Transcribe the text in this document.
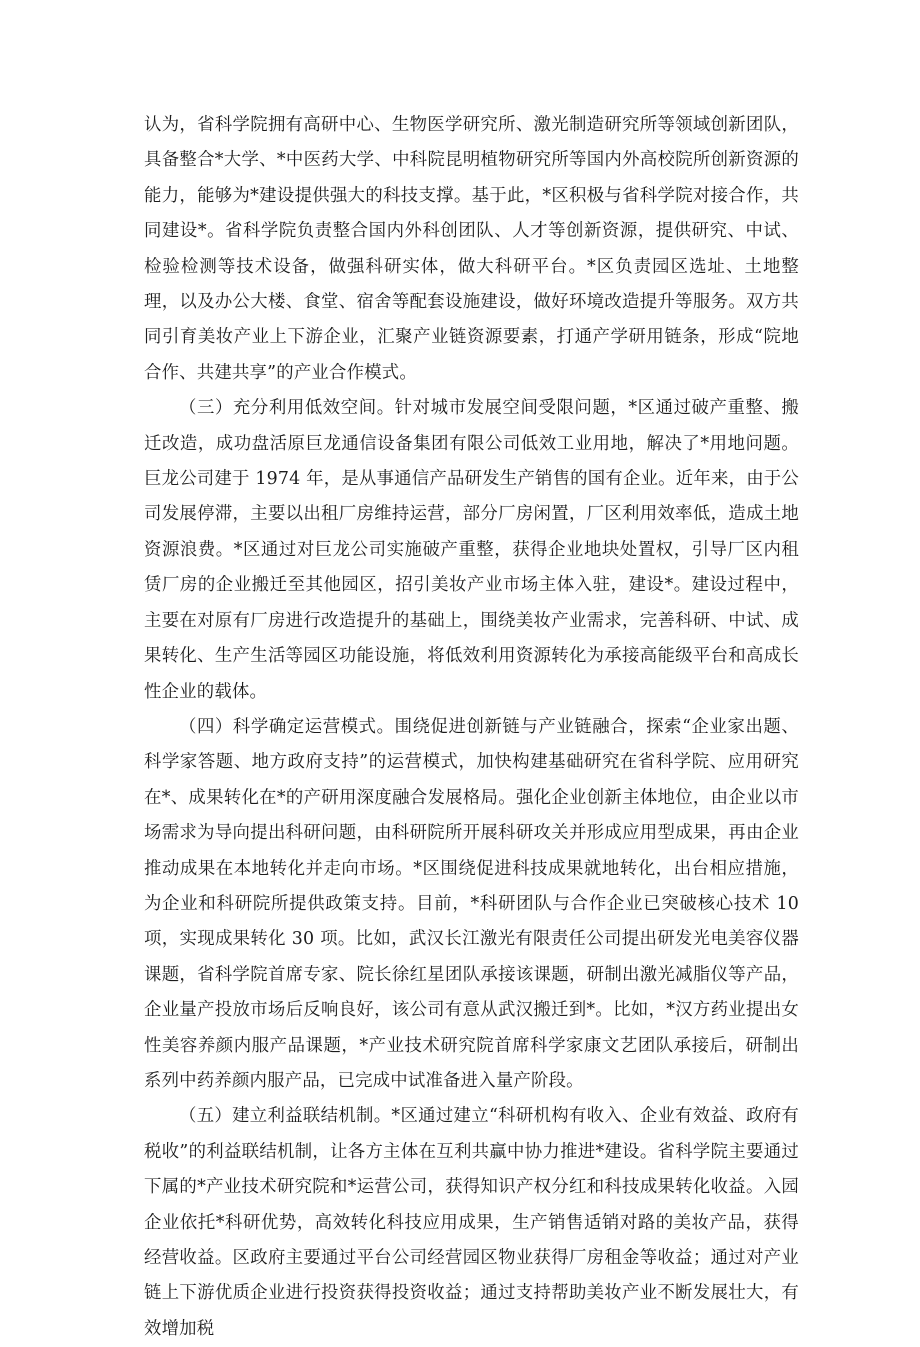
认为，省科学院拥有高研中心、生物医学研究所、激光制造研究所等领域创新团队，具备整合*大学、*中医药大学、中科院昆明植物研究所等国内外高校院所创新资源的能力，能够为*建设提供强大的科技支撑。基于此，*区积极与省科学院对接合作，共同建设*。省科学院负责整合国内外科创团队、人才等创新资源，提供研究、中试、检验检测等技术设备，做强科研实体，做大科研平台。*区负责园区选址、土地整理，以及办公大楼、食堂、宿舍等配套设施建设，做好环境改造提升等服务。双方共同引育美妆产业上下游企业，汇聚产业链资源要素，打通产学研用链条，形成“院地合作、共建共享”的产业合作模式。

（三）充分利用低效空间。针对城市发展空间受限问题，*区通过破产重整、搬迁改造，成功盘活原巨龙通信设备集团有限公司低效工业用地，解决了*用地问题。巨龙公司建于 1974 年，是从事通信产品研发生产销售的国有企业。近年来，由于公司发展停滞，主要以出租厂房维持运营，部分厂房闲置，厂区利用效率低，造成土地资源浪费。*区通过对巨龙公司实施破产重整，获得企业地块处置权，引导厂区内租赁厂房的企业搬迁至其他园区，招引美妆产业市场主体入驻，建设*。建设过程中，主要在对原有厂房进行改造提升的基础上，围绕美妆产业需求，完善科研、中试、成果转化、生产生活等园区功能设施，将低效利用资源转化为承接高能级平台和高成长性企业的载体。

（四）科学确定运营模式。围绕促进创新链与产业链融合，探索“企业家出题、科学家答题、地方政府支持”的运营模式，加快构建基础研究在省科学院、应用研究在*、成果转化在*的产研用深度融合发展格局。强化企业创新主体地位，由企业以市场需求为导向提出科研问题，由科研院所开展科研攻关并形成应用型成果，再由企业推动成果在本地转化并走向市场。*区围绕促进科技成果就地转化，出台相应措施，为企业和科研院所提供政策支持。目前，*科研团队与合作企业已突破核心技术 10 项，实现成果转化 30 项。比如，武汉长江激光有限责任公司提出研发光电美容仪器课题，省科学院首席专家、院长徐红星团队承接该课题，研制出激光减脂仪等产品，企业量产投放市场后反响良好，该公司有意从武汉搬迁到*。比如，*汉方药业提出女性美容养颜内服产品课题，*产业技术研究院首席科学家康文艺团队承接后，研制出系列中药养颜内服产品，已完成中试准备进入量产阶段。

（五）建立利益联结机制。*区通过建立“科研机构有收入、企业有效益、政府有税收”的利益联结机制，让各方主体在互利共赢中协力推进*建设。省科学院主要通过下属的*产业技术研究院和*运营公司，获得知识产权分红和科技成果转化收益。入园企业依托*科研优势，高效转化科技应用成果，生产销售适销对路的美妆产品，获得经营收益。区政府主要通过平台公司经营园区物业获得厂房租金等收益；通过对产业链上下游优质企业进行投资获得投资收益；通过支持帮助美妆产业不断发展壮大，有效增加税
